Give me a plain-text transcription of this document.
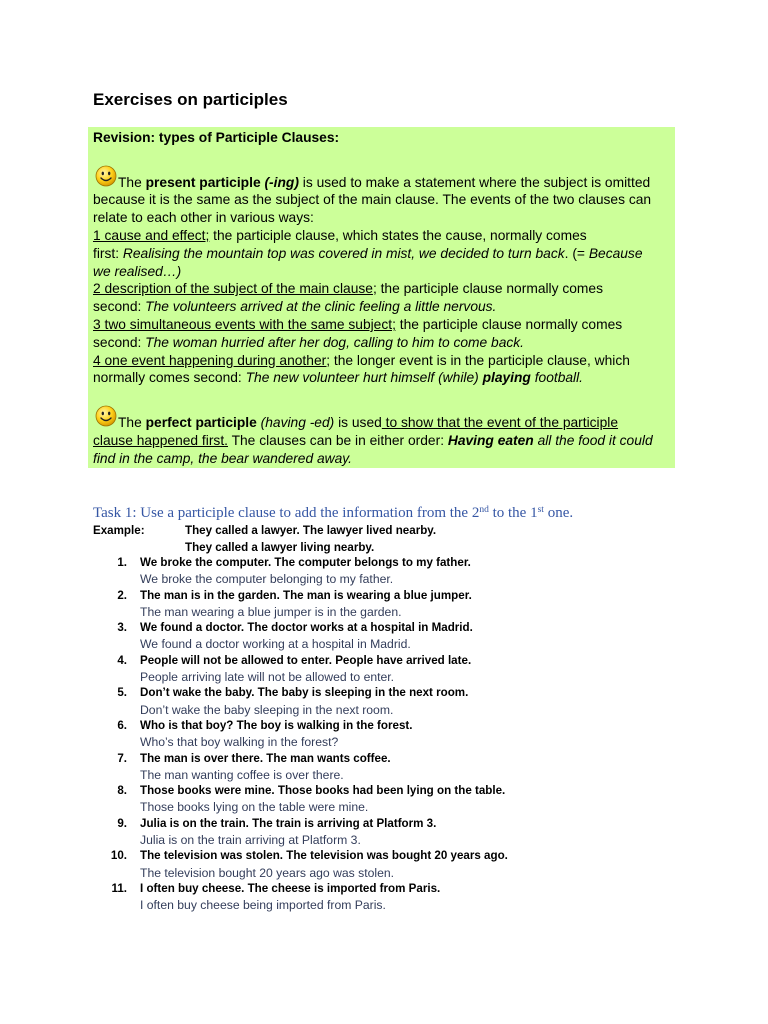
Exercises on participles
Revision: types of Participle Clauses:
The present participle (-ing) is used to make a statement where the subject is omitted
because it is the same as the subject of the main clause. The events of the two clauses can
relate to each other in various ways:
1 cause and effect; the participle clause, which states the cause, normally comes
first: Realising the mountain top was covered in mist, we decided to turn back. (= Because
we realised…)
2 description of the subject of the main clause; the participle clause normally comes
second: The volunteers arrived at the clinic feeling a little nervous.
3 two simultaneous events with the same subject; the participle clause normally comes
second: The woman hurried after her dog, calling to him to come back.
4 one event happening during another; the longer event is in the participle clause, which
normally comes second: The new volunteer hurt himself (while) playing football.
The perfect participle (having -ed) is used to show that the event of the participle
clause happened first. The clauses can be in either order: Having eaten all the food it could
find in the camp, the bear wandered away.
Task 1: Use a participle clause to add the information from the 2nd to the 1st one.
Example:	They called a lawyer. The lawyer lived nearby.
They called a lawyer living nearby.
1. We broke the computer. The computer belongs to my father.
We broke the computer belonging to my father.
2. The man is in the garden. The man is wearing a blue jumper.
The man wearing a blue jumper is in the garden.
3. We found a doctor. The doctor works at a hospital in Madrid.
We found a doctor working at a hospital in Madrid.
4. People will not be allowed to enter. People have arrived late.
People arriving late will not be allowed to enter.
5. Don’t wake the baby. The baby is sleeping in the next room.
Don’t wake the baby sleeping in the next room.
6. Who is that boy? The boy is walking in the forest.
Who’s that boy walking in the forest?
7. The man is over there. The man wants coffee.
The man wanting coffee is over there.
8. Those books were mine. Those books had been lying on the table.
Those books lying on the table were mine.
9. Julia is on the train. The train is arriving at Platform 3.
Julia is on the train arriving at Platform 3.
10. The television was stolen. The television was bought 20 years ago.
The television bought 20 years ago was stolen.
11. I often buy cheese. The cheese is imported from Paris.
I often buy cheese being imported from Paris.
